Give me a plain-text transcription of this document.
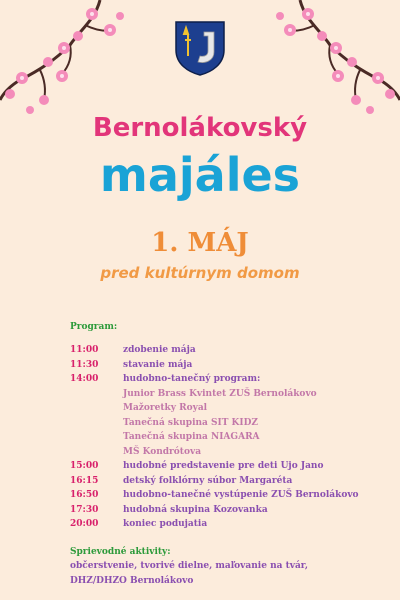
Bernolákovský
majáles
1. MÁJ
pred kultúrnym domom
Program:
11:00	zdobenie mája
11:30	stavanie mája
14:00	hudobno-tanečný program:
Junior Brass Kvintet ZUŠ Bernolákovo
Mažoretky Royal
Tanečná skupina SIT KIDZ
Tanečná skupina NIAGARA
MŠ Kondrótova
15:00	hudobné predstavenie pre deti Ujo Jano
16:15	detský folklórny súbor Margaréta
16:50	hudobno-tanečné vystúpenie ZUŠ Bernolákovo
17:30	hudobná skupina Kozovanka
20:00	koniec podujatia
Sprievodné aktivity:
občerstvenie, tvorivé dielne, maľovanie na tvár,
DHZ/DHZO Bernolákovo
